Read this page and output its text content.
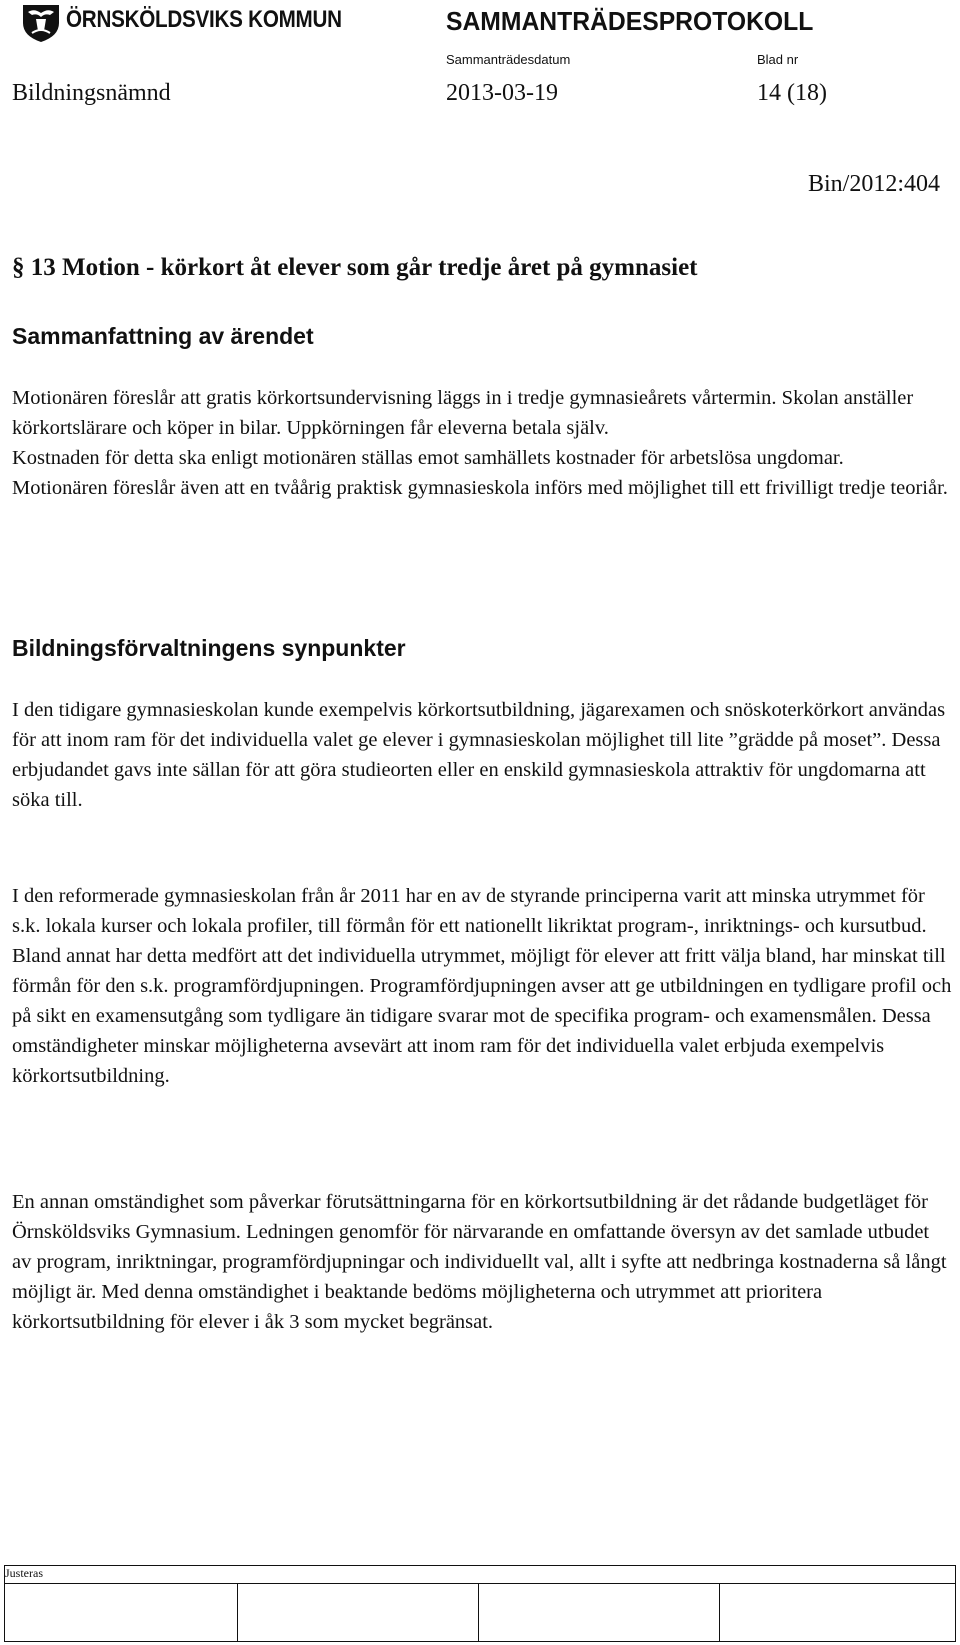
ÖRNSKÖLDSVIKS KOMMUN	SAMMANTRÄDESPROTOKOLL
Sammanträdesdatum	Blad nr
Bildningsnämnd	2013-03-19	14 (18)
Bin/2012:404
§ 13 Motion - körkort åt elever som går tredje året på gymnasiet
Sammanfattning av ärendet

Motionären föreslår att gratis körkortsundervisning läggs in i tredje gymnasieårets vårtermin. Skolan anställer körkortslärare och köper in bilar. Uppkörningen får eleverna betala själv.

Kostnaden för detta ska enligt motionären ställas emot samhällets kostnader för arbetslösa ungdomar.

Motionären föreslår även att en tvåårig praktisk gymnasieskola införs med möjlighet till ett frivilligt tredje teoriår.

Bildningsförvaltningens synpunkter
I den tidigare gymnasieskolan kunde exempelvis körkortsutbildning, jägarexamen och snöskoterkörkort användas för att inom ram för det individuella valet ge elever i gymnasieskolan möjlighet till lite ”grädde på moset”. Dessa erbjudandet gavs inte sällan för att göra studieorten eller en enskild gymnasieskola attraktiv för ungdomarna att söka till.

I den reformerade gymnasieskolan från år 2011 har en av de styrande principerna varit att minska utrymmet för s.k. lokala kurser och lokala profiler, till förmån för ett nationellt likriktat program-, inriktnings- och kursutbud.

Bland annat har detta medfört att det individuella utrymmet, möjligt för elever att fritt välja bland, har minskat till förmån för den s.k. programfördjupningen. Programfördjupningen avser att ge utbildningen en tydligare profil och på sikt en examensutgång som tydligare än tidigare svarar mot de specifika program- och examensmålen. Dessa omständigheter minskar möjligheterna avsevärt att inom ram för det individuella valet erbjuda exempelvis körkortsutbildning.

En annan omständighet som påverkar förutsättningarna för en körkortsutbildning är det rådande budgetläget för Örnsköldsviks Gymnasium. Ledningen genomför för närvarande en omfattande översyn av det samlade utbudet av program, inriktningar, programfördjupningar och individuellt val, allt i syfte att nedbringa kostnaderna så långt möjligt är. Med denna omständighet i beaktande bedöms möjligheterna och utrymmet att prioritera körkortsutbildning för elever i åk 3 som mycket begränsat.
Justeras
